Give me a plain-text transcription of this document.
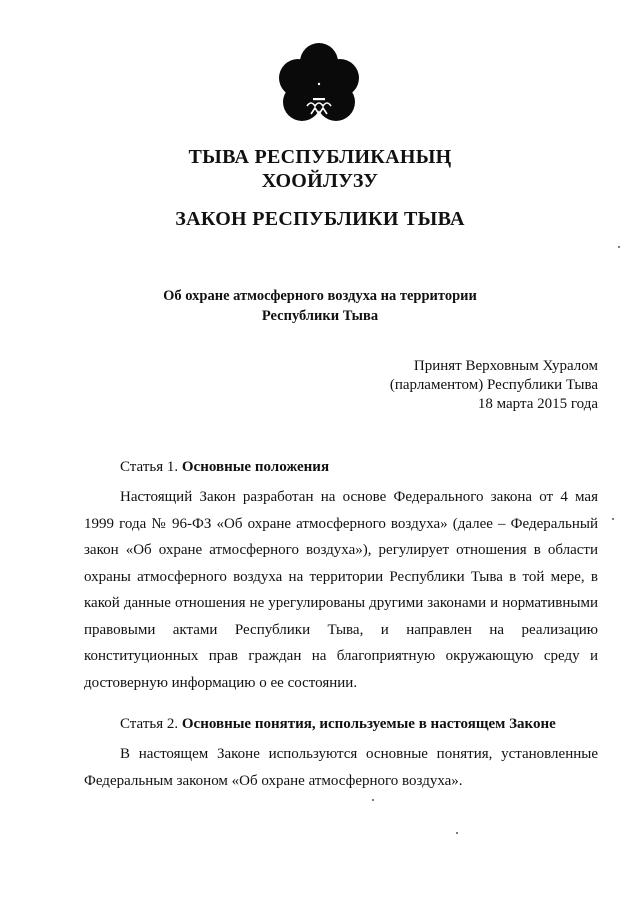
ТЫВА РЕСПУБЛИКАНЫҢ
ХООЙЛУЗУ
ЗАКОН РЕСПУБЛИКИ ТЫВА
Об охране атмосферного воздуха на территории
Республики Тыва
Принят Верховным Хуралом
(парламентом) Республики Тыва
18 марта 2015 года
Статья 1. Основные положения
Настоящий Закон разработан на основе Федерального закона от 4 мая 1999 года № 96-ФЗ «Об охране атмосферного воздуха» (далее – Федеральный закон «Об охране атмосферного воздуха»), регулирует отношения в области охраны атмосферного воздуха на территории Республики Тыва в той мере, в какой данные отношения не урегулированы другими законами и нормативными правовыми актами Республики Тыва, и направлен на реализацию конституционных прав граждан на благоприятную окружающую среду и достоверную информацию о ее состоянии.
Статья 2. Основные понятия, используемые в настоящем Законе
В настоящем Законе используются основные понятия, установленные Федеральным законом «Об охране атмосферного воздуха».
